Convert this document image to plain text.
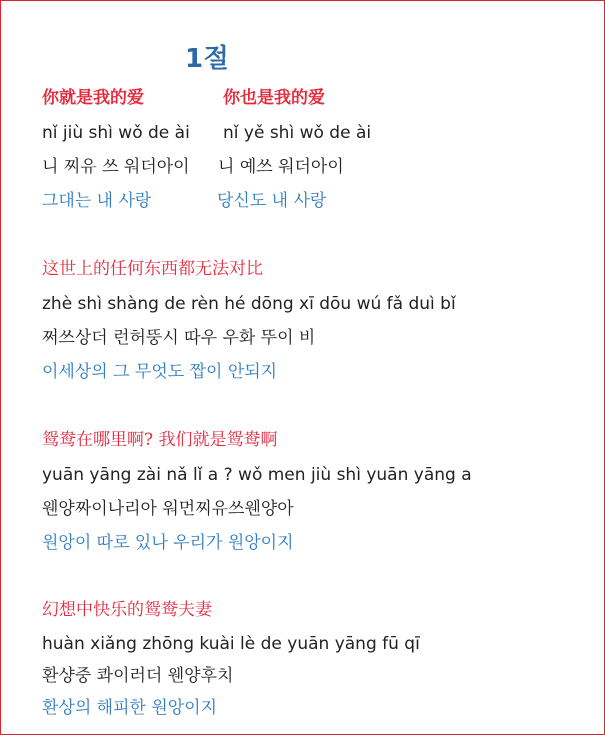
1절
你就是我的爱	你也是我的爱
nǐ jiù shì wǒ de ài nǐ yě shì wǒ de ài
니 찌유 쓰 워더아이 니 예쓰 워더아이
그대는 내 사랑	당신도 내 사랑
这世上的任何东西都无法对比
zhè shì shàng de rèn hé dōng xī dōu wú fǎ duì bǐ
쩌쓰상더 런허뚱시 따우 우화 뚜이 비
이세상의 그 무엇도 짭이 안되지
鸳鸯在哪里啊? 我们就是鸳鸯啊
yuān yāng zài nǎ lǐ a ? wǒ men jiù shì yuān yāng a
웬양짜이나리아 워먼찌유쓰웬양아
원앙이 따로 있나 우리가 원앙이지
幻想中快乐的鸳鸯夫妻
huàn xiǎng zhōng kuài lè de yuān yāng fū qī
환샹중 콰이러더 웬양후치
환상의 해피한 원앙이지
